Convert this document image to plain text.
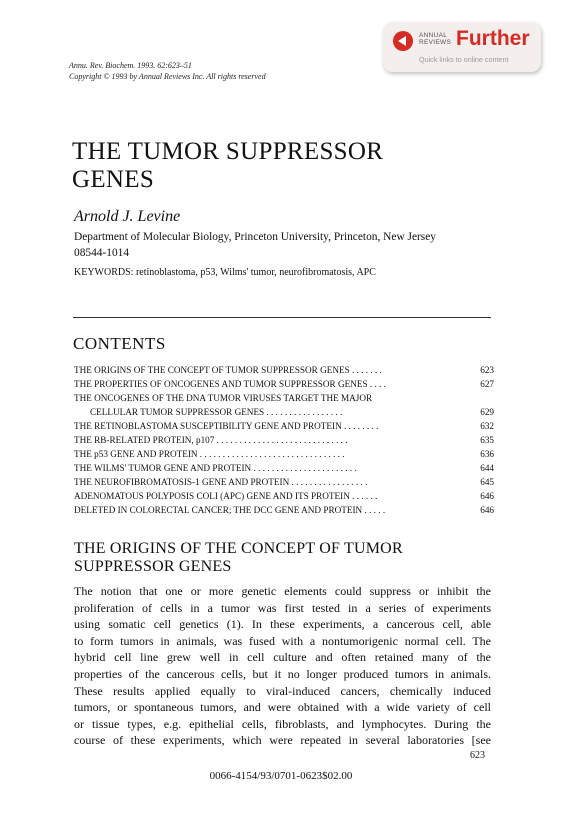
ANNUAL
REVIEWS Further
Quick links to online content
Annu. Rev. Biochem. 1993. 62:623–51
Copyright © 1993 by Annual Reviews Inc. All rights reserved
THE TUMOR SUPPRESSOR
GENES
Arnold J. Levine
Department of Molecular Biology, Princeton University, Princeton, New Jersey
08544-1014
KEYWORDS: retinoblastoma, p53, Wilms' tumor, neurofibromatosis, APC
CONTENTS
THE ORIGINS OF THE CONCEPT OF TUMOR SUPPRESSOR GENES . . . . . . .	623
THE PROPERTIES OF ONCOGENES AND TUMOR SUPPRESSOR GENES . . . .	627
THE ONCOGENES OF THE DNA TUMOR VIRUSES TARGET THE MAJOR
CELLULAR TUMOR SUPPRESSOR GENES . . . . . . . . . . . . . . . . .	629
THE RETINOBLASTOMA SUSCEPTIBILITY GENE AND PROTEIN . . . . . . . .	632
THE RB-RELATED PROTEIN, p107 . . . . . . . . . . . . . . . . . . . . . . . . . . . . .	635
THE p53 GENE AND PROTEIN . . . . . . . . . . . . . . . . . . . . . . . . . . . . . . . .	636
THE WILMS' TUMOR GENE AND PROTEIN . . . . . . . . . . . . . . . . . . . . . . .	644
THE NEUROFIBROMATOSIS-1 GENE AND PROTEIN . . . . . . . . . . . . . . . . .	645
ADENOMATOUS POLYPOSIS COLI (APC) GENE AND ITS PROTEIN . . . . . .	646
DELETED IN COLORECTAL CANCER; THE DCC GENE AND PROTEIN . . . . .	646
THE ORIGINS OF THE CONCEPT OF TUMOR
SUPPRESSOR GENES
The notion that one or more genetic elements could suppress or inhibit the
proliferation of cells in a tumor was first tested in a series of experiments
using somatic cell genetics (1). In these experiments, a cancerous cell, able
to form tumors in animals, was fused with a nontumorigenic normal cell. The
hybrid cell line grew well in cell culture and often retained many of the
properties of the cancerous cells, but it no longer produced tumors in animals.
These results applied equally to viral-induced cancers, chemically induced
tumors, or spontaneous tumors, and were obtained with a wide variety of cell
or tissue types, e.g. epithelial cells, fibroblasts, and lymphocytes. During the
course of these experiments, which were repeated in several laboratories [see
623
0066-4154/93/0701-0623$02.00
